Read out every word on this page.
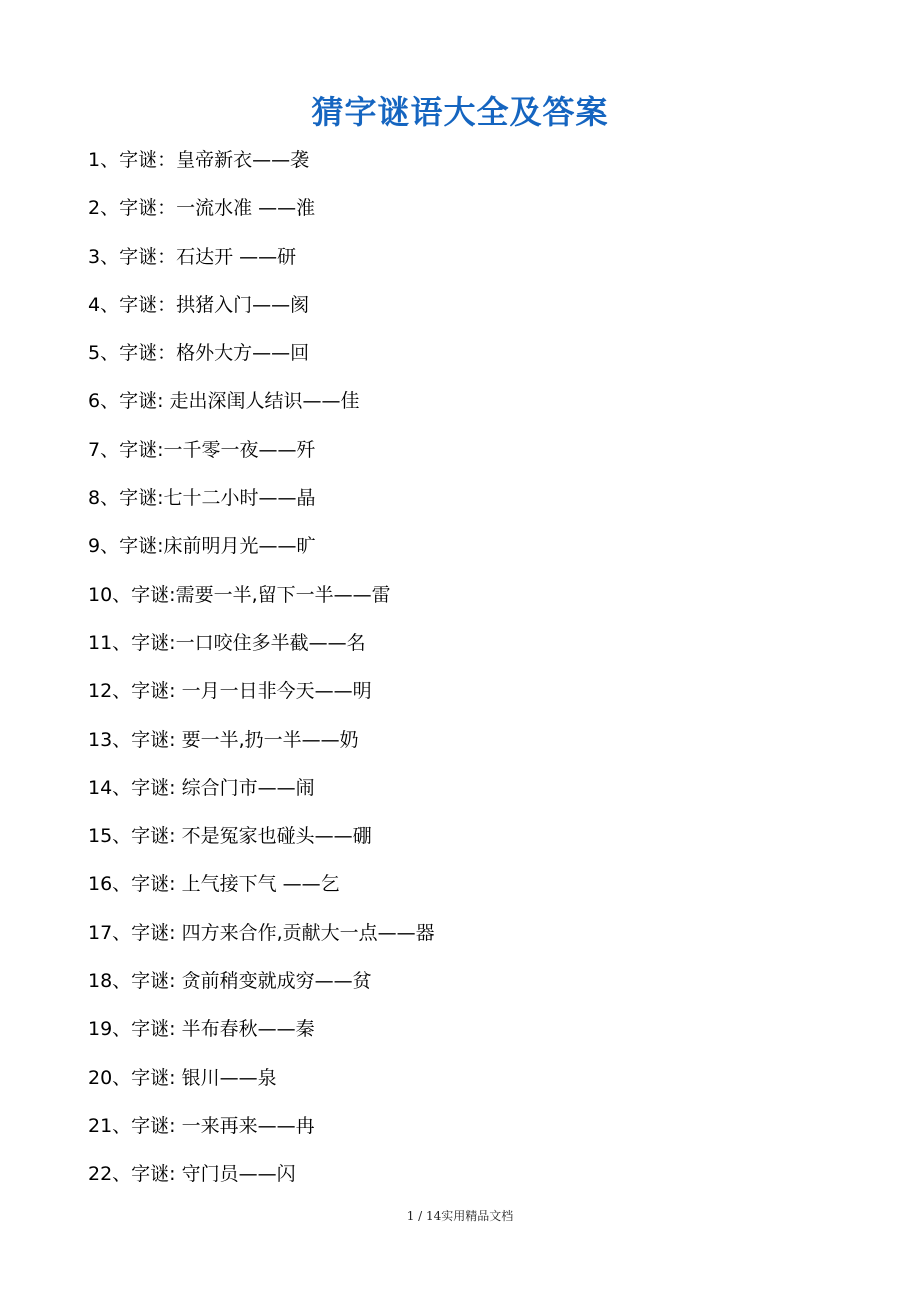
猜字谜语大全及答案
1、字谜：皇帝新衣——袭
2、字谜：一流水准 ——淮
3、字谜：石达开 ——研
4、字谜：拱猪入门——阂
5、字谜：格外大方——回
6、字谜: 走出深闺人结识——佳
7、字谜:一千零一夜——歼
8、字谜:七十二小时——晶
9、字谜:床前明月光——旷
10、字谜:需要一半,留下一半——雷
11、字谜:一口咬住多半截——名
12、字谜: 一月一日非今天——明
13、字谜: 要一半,扔一半——奶
14、字谜: 综合门市——闹
15、字谜: 不是冤家也碰头——硼
16、字谜: 上气接下气 ——乞
17、字谜: 四方来合作,贡献大一点——器
18、字谜: 贪前稍变就成穷——贫
19、字谜: 半布春秋——秦
20、字谜: 银川——泉
21、字谜: 一来再来——冉
22、字谜: 守门员——闪
1 / 14实用精品文档
